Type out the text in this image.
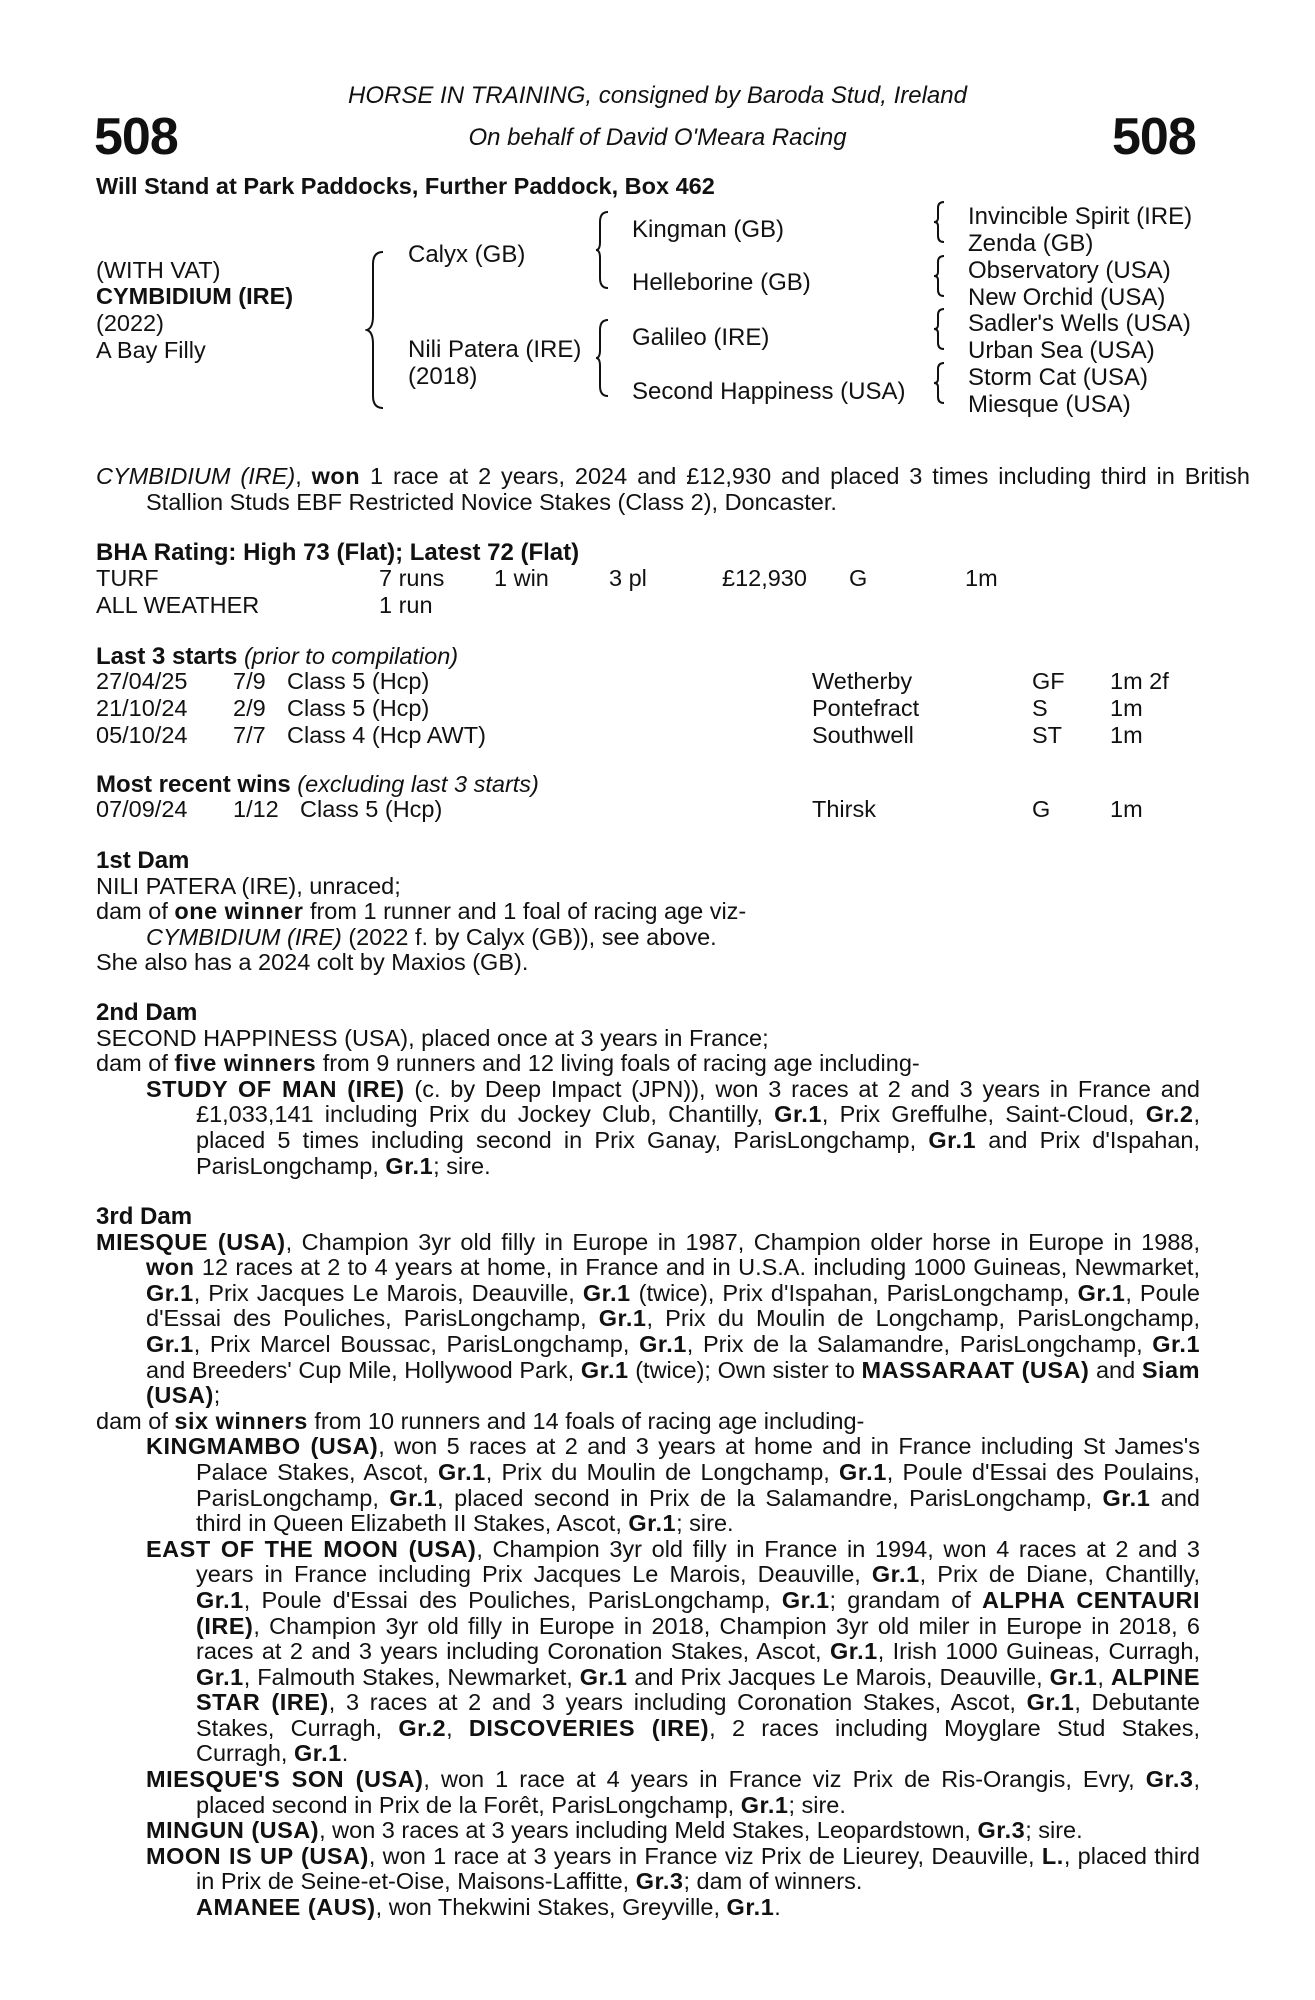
508	508
HORSE IN TRAINING, consigned by Baroda Stud, Ireland
On behalf of David O'Meara Racing
Will Stand at Park Paddocks, Further Paddock, Box 462
(WITH VAT)
CYMBIDIUM (IRE)
(2022)
A Bay Filly
Calyx (GB)
Nili Patera (IRE)
(2018)
Kingman (GB)
Helleborine (GB)
Galileo (IRE)
Second Happiness (USA)
Invincible Spirit (IRE)
Zenda (GB)
Observatory (USA)
New Orchid (USA)
Sadler's Wells (USA)
Urban Sea (USA)
Storm Cat (USA)
Miesque (USA)
CYMBIDIUM (IRE), won 1 race at 2 years, 2024 and £12,930 and placed 3 times including third in British Stallion Studs EBF Restricted Novice Stakes (Class 2), Doncaster.
BHA Rating: High 73 (Flat); Latest 72 (Flat)
TURF	7 runs	1 win	3 pl	£12,930	G	1m
ALL WEATHER	1 run					
Last 3 starts (prior to compilation)
27/04/25	7/9	Class 5 (Hcp)	Wetherby	GF	1m 2f
21/10/24	2/9	Class 5 (Hcp)	Pontefract	S	1m
05/10/24	7/7	Class 4 (Hcp AWT)	Southwell	ST	1m
Most recent wins (excluding last 3 starts)
07/09/24	1/12	Class 5 (Hcp)	Thirsk	G	1m
1st Dam
NILI PATERA (IRE), unraced;
dam of one winner from 1 runner and 1 foal of racing age viz-
CYMBIDIUM (IRE) (2022 f. by Calyx (GB)), see above.
She also has a 2024 colt by Maxios (GB).
2nd Dam
SECOND HAPPINESS (USA), placed once at 3 years in France;
dam of five winners from 9 runners and 12 living foals of racing age including-
STUDY OF MAN (IRE) (c. by Deep Impact (JPN)), won 3 races at 2 and 3 years in France and £1,033,141 including Prix du Jockey Club, Chantilly, Gr.1, Prix Greffulhe, Saint-Cloud, Gr.2, placed 5 times including second in Prix Ganay, ParisLongchamp, Gr.1 and Prix d'Ispahan, ParisLongchamp, Gr.1; sire.
3rd Dam
MIESQUE (USA), Champion 3yr old filly in Europe in 1987, Champion older horse in Europe in 1988, won 12 races at 2 to 4 years at home, in France and in U.S.A. including 1000 Guineas, Newmarket, Gr.1, Prix Jacques Le Marois, Deauville, Gr.1 (twice), Prix d'Ispahan, ParisLongchamp, Gr.1, Poule d'Essai des Pouliches, ParisLongchamp, Gr.1, Prix du Moulin de Longchamp, ParisLongchamp, Gr.1, Prix Marcel Boussac, ParisLongchamp, Gr.1, Prix de la Salamandre, ParisLongchamp, Gr.1 and Breeders' Cup Mile, Hollywood Park, Gr.1 (twice); Own sister to MASSARAAT (USA) and Siam (USA);
dam of six winners from 10 runners and 14 foals of racing age including-
KINGMAMBO (USA), won 5 races at 2 and 3 years at home and in France including St James's Palace Stakes, Ascot, Gr.1, Prix du Moulin de Longchamp, Gr.1, Poule d'Essai des Poulains, ParisLongchamp, Gr.1, placed second in Prix de la Salamandre, ParisLongchamp, Gr.1 and third in Queen Elizabeth II Stakes, Ascot, Gr.1; sire.
EAST OF THE MOON (USA), Champion 3yr old filly in France in 1994, won 4 races at 2 and 3 years in France including Prix Jacques Le Marois, Deauville, Gr.1, Prix de Diane, Chantilly, Gr.1, Poule d'Essai des Pouliches, ParisLongchamp, Gr.1; grandam of ALPHA CENTAURI (IRE), Champion 3yr old filly in Europe in 2018, Champion 3yr old miler in Europe in 2018, 6 races at 2 and 3 years including Coronation Stakes, Ascot, Gr.1, Irish 1000 Guineas, Curragh, Gr.1, Falmouth Stakes, Newmarket, Gr.1 and Prix Jacques Le Marois, Deauville, Gr.1, ALPINE STAR (IRE), 3 races at 2 and 3 years including Coronation Stakes, Ascot, Gr.1, Debutante Stakes, Curragh, Gr.2, DISCOVERIES (IRE), 2 races including Moyglare Stud Stakes, Curragh, Gr.1.
MIESQUE'S SON (USA), won 1 race at 4 years in France viz Prix de Ris-Orangis, Evry, Gr.3, placed second in Prix de la Forêt, ParisLongchamp, Gr.1; sire.
MINGUN (USA), won 3 races at 3 years including Meld Stakes, Leopardstown, Gr.3; sire.
MOON IS UP (USA), won 1 race at 3 years in France viz Prix de Lieurey, Deauville, L., placed third in Prix de Seine-et-Oise, Maisons-Laffitte, Gr.3; dam of winners.
AMANEE (AUS), won Thekwini Stakes, Greyville, Gr.1.
